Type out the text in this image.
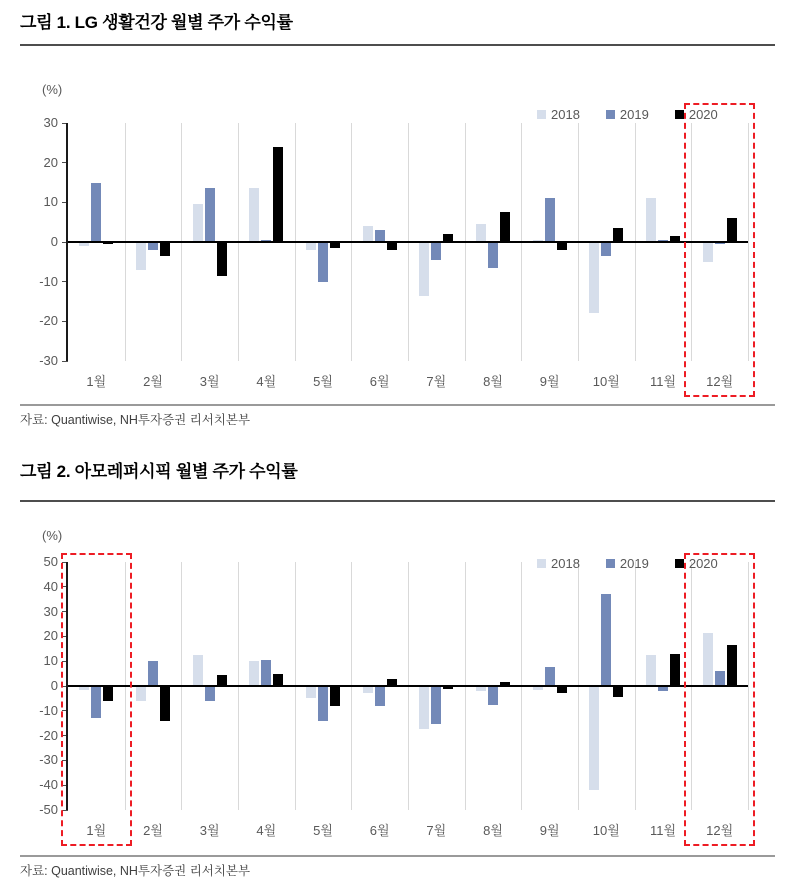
그림 1. LG 생활건강 월별 주가 수익률
(%)
30
20
10
0
-10
-20
-30
1월	2월	3월	4월	5월	6월	7월	8월	9월	10월	11월	12월
2018	2019	2020
자료: Quantiwise, NH투자증권 리서치본부
그림 2. 아모레퍼시픽 월별 주가 수익률
(%)
50
40
30
20
10
0
-10
-20
-30
-40
-50
1월	2월	3월	4월	5월	6월	7월	8월	9월	10월	11월	12월
2018	2019	2020
자료: Quantiwise, NH투자증권 리서치본부
